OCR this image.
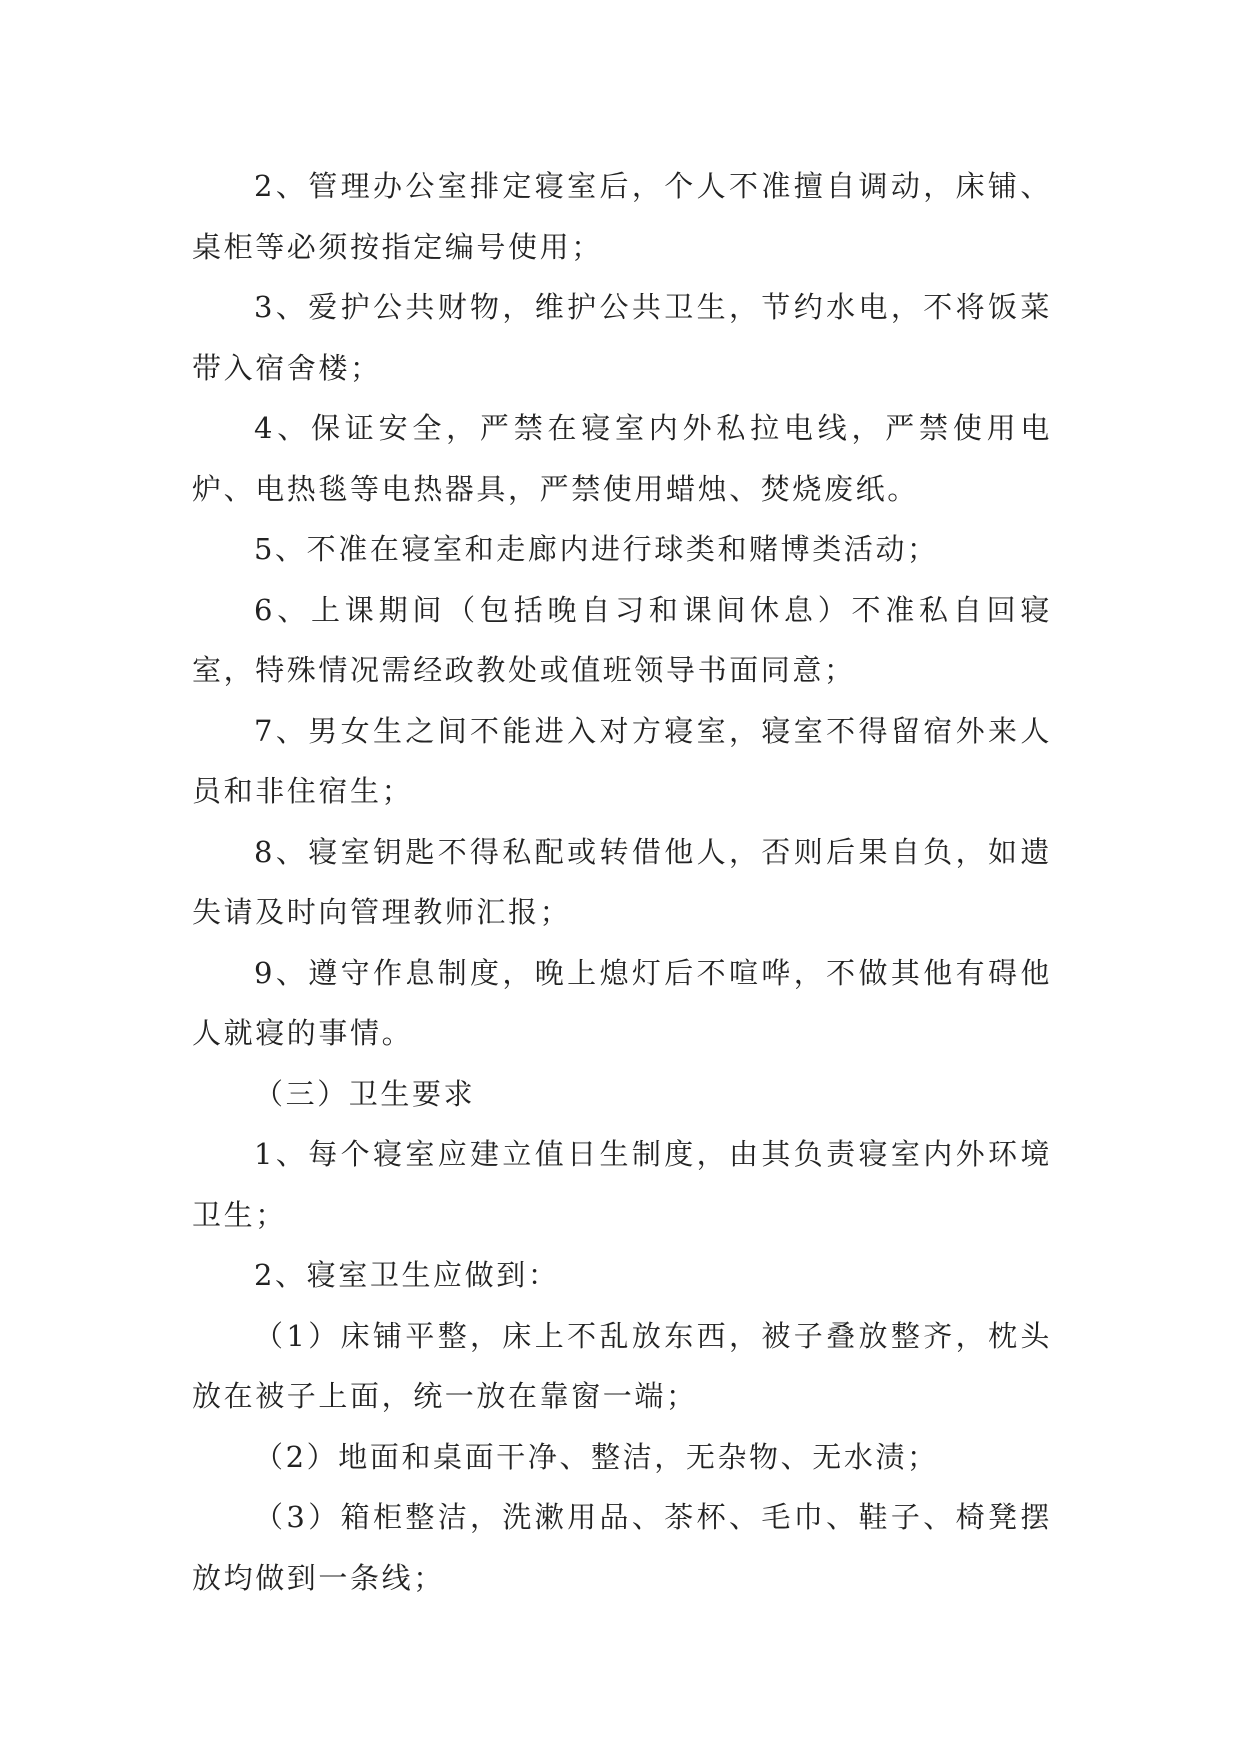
2、管理办公室排定寝室后，个人不准擅自调动，床铺、桌柜等必须按指定编号使用；

3、爱护公共财物，维护公共卫生，节约水电，不将饭菜带入宿舍楼；

4、保证安全，严禁在寝室内外私拉电线，严禁使用电炉、电热毯等电热器具，严禁使用蜡烛、焚烧废纸。

5、不准在寝室和走廊内进行球类和赌博类活动；

6、上课期间（包括晚自习和课间休息）不准私自回寝室，特殊情况需经政教处或值班领导书面同意；

7、男女生之间不能进入对方寝室，寝室不得留宿外来人员和非住宿生；

8、寝室钥匙不得私配或转借他人，否则后果自负，如遗失请及时向管理教师汇报；

9、遵守作息制度，晚上熄灯后不喧哗，不做其他有碍他人就寝的事情。

（三）卫生要求

1、每个寝室应建立值日生制度，由其负责寝室内外环境卫生；

2、寝室卫生应做到：

（1）床铺平整，床上不乱放东西，被子叠放整齐，枕头放在被子上面，统一放在靠窗一端；

（2）地面和桌面干净、整洁，无杂物、无水渍；

（3）箱柜整洁，洗漱用品、茶杯、毛巾、鞋子、椅凳摆放均做到一条线；
